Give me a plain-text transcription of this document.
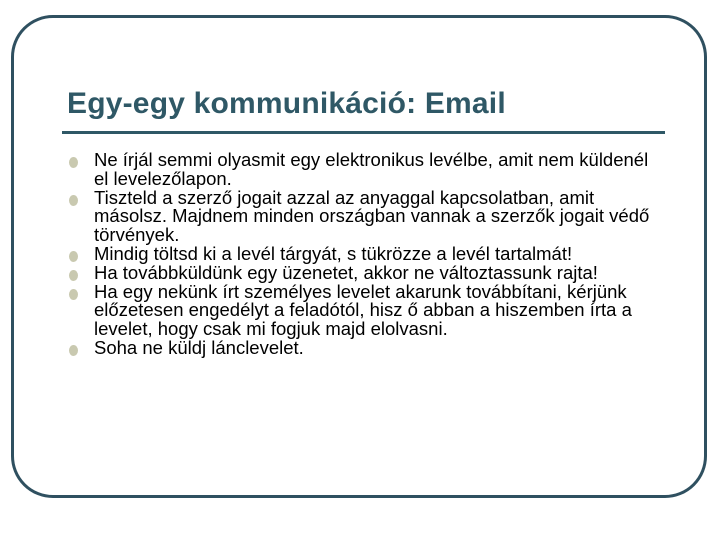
Egy-egy kommunikáció: Email
Ne írjál semmi olyasmit egy elektronikus levélbe, amit nem küldenél el levelezőlapon.
Tiszteld a szerző jogait azzal az anyaggal kapcsolatban, amit másolsz. Majdnem minden országban vannak a szerzők jogait védő törvények.
Mindig töltsd ki a levél tárgyát, s tükrözze a levél tartalmát!
Ha továbbküldünk egy üzenetet, akkor ne változtassunk rajta!
Ha egy nekünk írt személyes levelet akarunk továbbítani, kérjünk előzetesen engedélyt a feladótól, hisz ő abban a hiszemben írta a levelet, hogy csak mi fogjuk majd elolvasni.
Soha ne küldj lánclevelet.
